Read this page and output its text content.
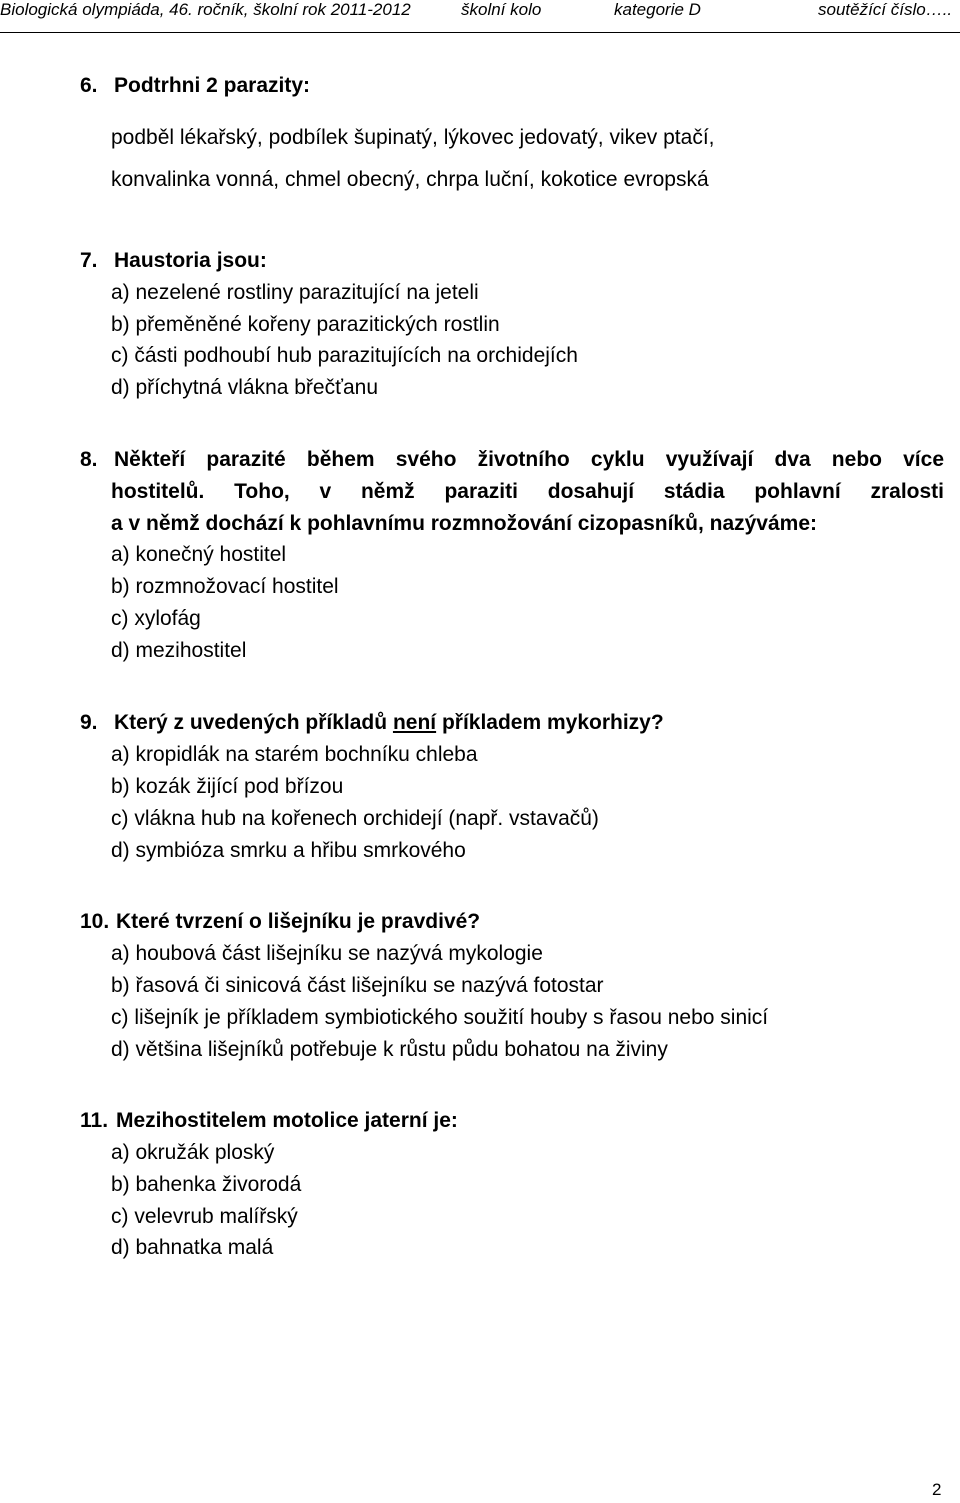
Biologická olympiáda, 46. ročník, školní rok 2011-2012	školní kolo	kategorie D	soutěžící číslo…..
6. Podtrhni 2 parazity:
podběl lékařský, podbílek šupinatý, lýkovec jedovatý, vikev ptačí,
konvalinka vonná, chmel obecný, chrpa luční, kokotice evropská
7. Haustoria jsou:
a) nezelené rostliny parazitující na jeteli
b) přeměněné kořeny parazitických rostlin
c) části podhoubí hub parazitujících na orchidejích
d) příchytná vlákna břečťanu
8. Někteří parazité během svého životního cyklu využívají dva nebo více
hostitelů. Toho, v němž paraziti dosahují stádia pohlavní zralosti
a v němž dochází k pohlavnímu rozmnožování cizopasníků, nazýváme:
a) konečný hostitel
b) rozmnožovací hostitel
c) xylofág
d) mezihostitel
9. Který z uvedených příkladů není příkladem mykorhizy?
a) kropidlák na starém bochníku chleba
b) kozák žijící pod břízou
c) vlákna hub na kořenech orchidejí (např. vstavačů)
d) symbióza smrku a hřibu smrkového
10. Které tvrzení o lišejníku je pravdivé?
a) houbová část lišejníku se nazývá mykologie
b) řasová či sinicová část lišejníku se nazývá fotostar
c) lišejník je příkladem symbiotického soužití houby s řasou nebo sinicí
d) většina lišejníků potřebuje k růstu půdu bohatou na živiny
11. Mezihostitelem motolice jaterní je:
a) okružák ploský
b) bahenka živorodá
c) velevrub malířský
d) bahnatka malá
2
